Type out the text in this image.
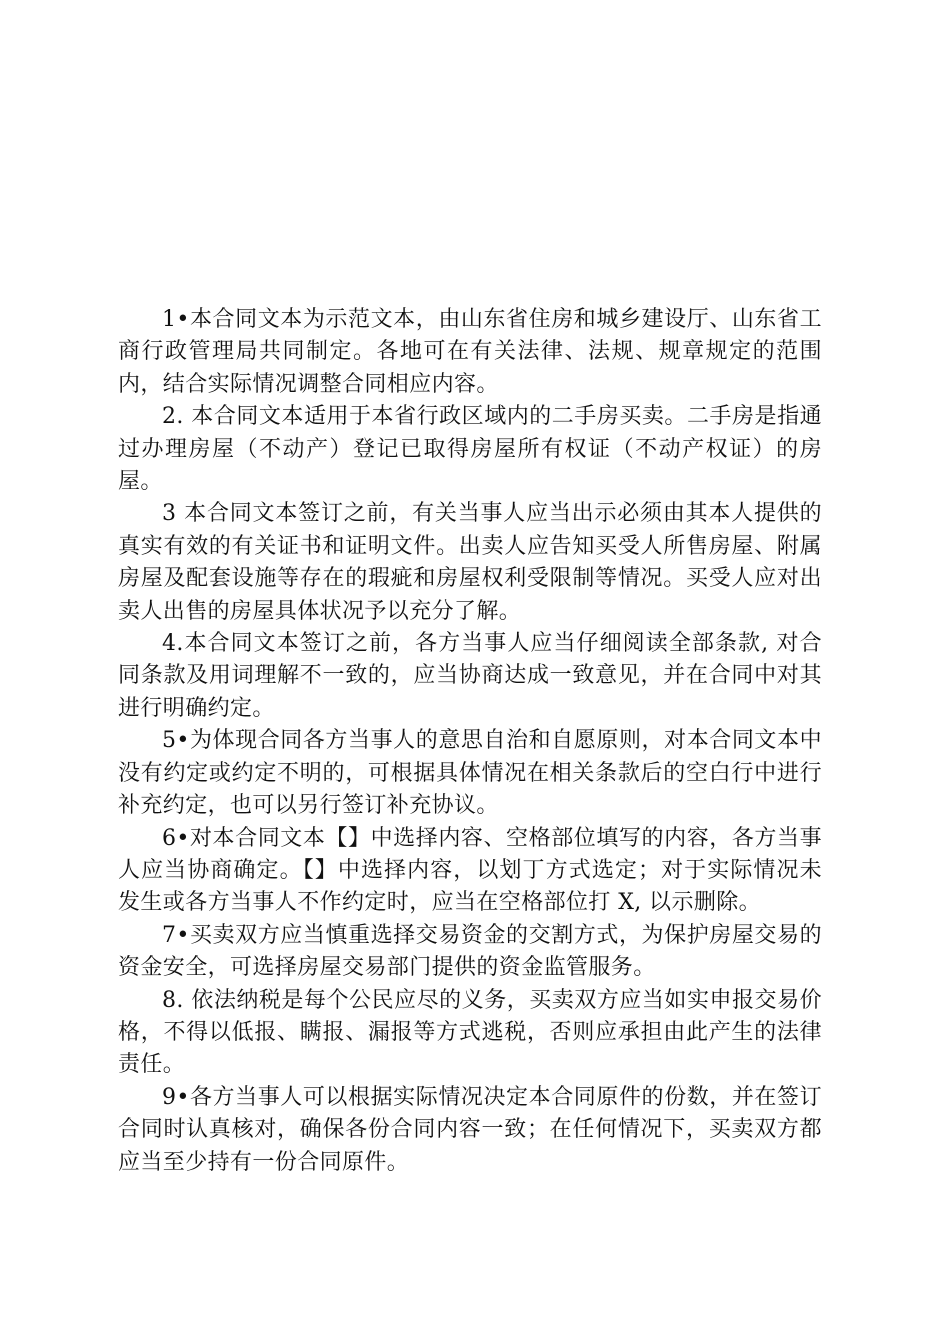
1•本合同文本为示范文本，由山东省住房和城乡建设厅、山东省工商行政管理局共同制定。各地可在有关法律、法规、规章规定的范围内，结合实际情况调整合同相应内容。

2. 本合同文本适用于本省行政区域内的二手房买卖。二手房是指通过办理房屋（不动产）登记已取得房屋所有权证（不动产权证）的房屋。

3 本合同文本签订之前，有关当事人应当出示必须由其本人提供的真实有效的有关证书和证明文件。出卖人应告知买受人所售房屋、附属房屋及配套设施等存在的瑕疵和房屋权利受限制等情况。买受人应对出卖人出售的房屋具体状况予以充分了解。

4.本合同文本签订之前，各方当事人应当仔细阅读全部条款, 对合同条款及用词理解不一致的，应当协商达成一致意见，并在合同中对其进行明确约定。

5•为体现合同各方当事人的意思自治和自愿原则，对本合同文本中没有约定或约定不明的，可根据具体情况在相关条款后的空白行中进行补充约定，也可以另行签订补充协议。

6•对本合同文本【】中选择内容、空格部位填写的内容，各方当事人应当协商确定。【】中选择内容，以划丁方式选定；对于实际情况未发生或各方当事人不作约定时，应当在空格部位打 X, 以示删除。

7•买卖双方应当慎重选择交易资金的交割方式，为保护房屋交易的资金安全，可选择房屋交易部门提供的资金监管服务。

8. 依法纳税是每个公民应尽的义务，买卖双方应当如实申报交易价格，不得以低报、瞒报、漏报等方式逃税，否则应承担由此产生的法律责任。

9•各方当事人可以根据实际情况决定本合同原件的份数，并在签订合同时认真核对，确保各份合同内容一致；在任何情况下，买卖双方都应当至少持有一份合同原件。
